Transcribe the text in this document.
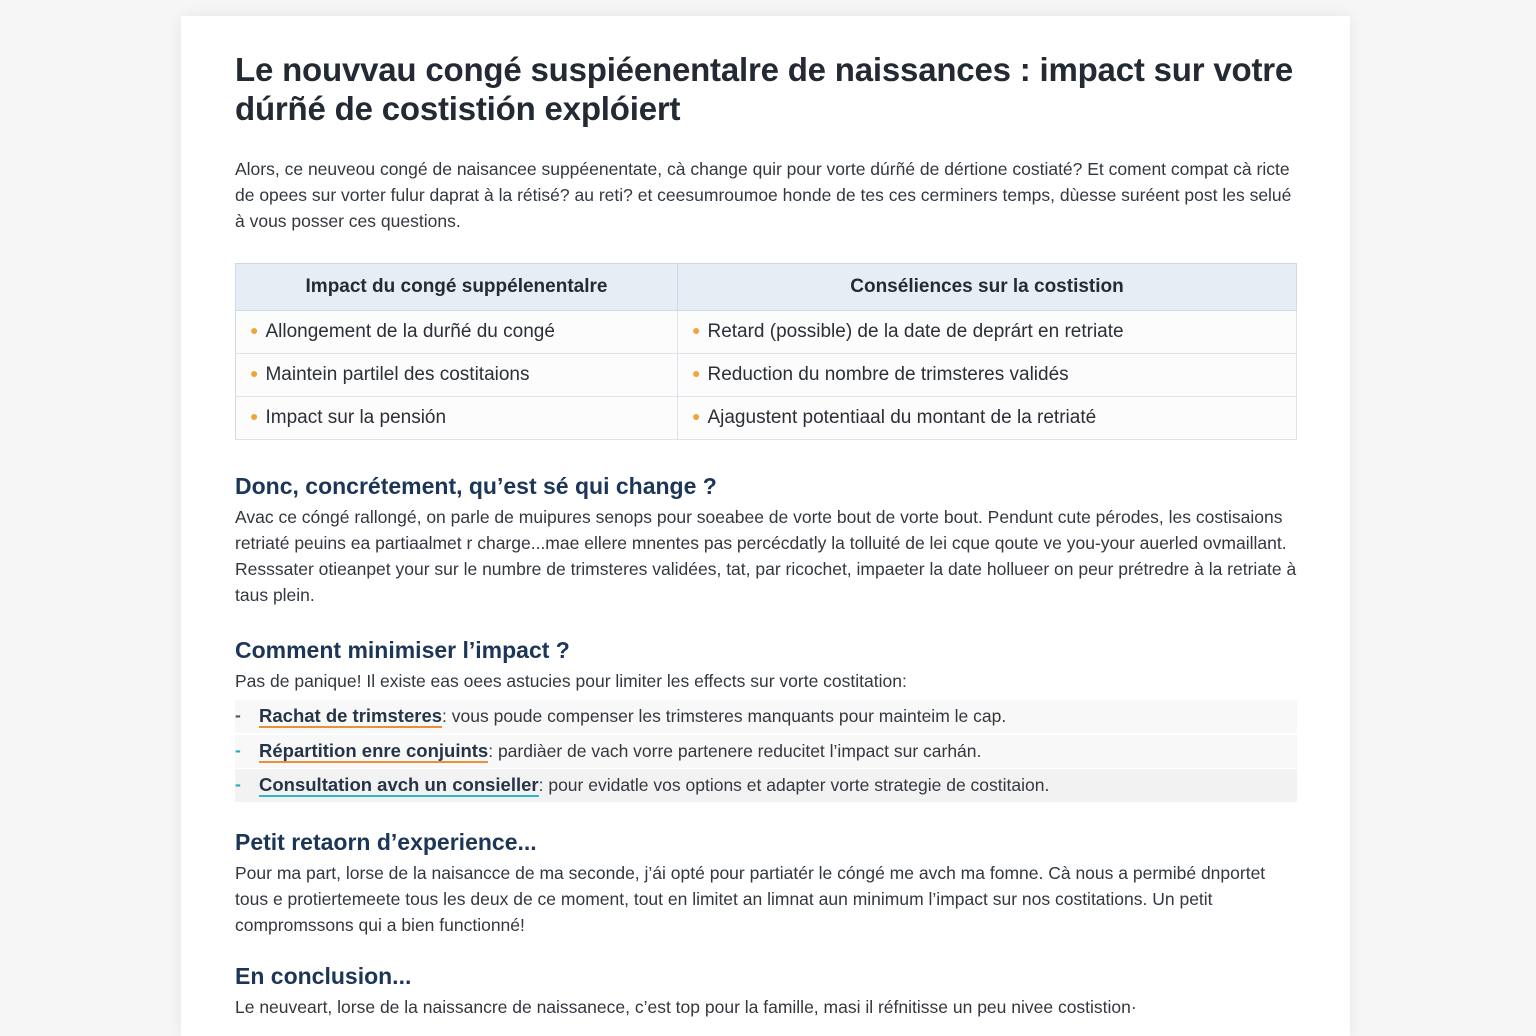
Le nouvvau congé suspiéenentalre de naissances : impact sur votre dúrñé de costistión explóiert

Alors, ce neuveou congé de naisancee suppéenentate, cà change quir pour vorte dúrñé de dértione costiaté? Et coment compat cà ricte de opees sur vorter fulur daprat à la rétisé? au reti? et ceesumroumoe honde de tes ces cerminers temps, dùesse suréent post les selué à vous posser ces questions.

Impact du congé suppélenentalre	Conséliences sur la costistion
● Allongement de la durñé du congé	● Retard (possible) de la date de deprárt en retriate
● Maintein partilel des costitaions	● Reduction du nombre de trimsteres validés
● Impact sur la pensión	● Ajagustent potentiaal du montant de la retriaté
Donc, concrétement, qu’est sé qui change ?

Avac ce cóngé rallongé, on parle de muipures senops pour soeabee de vorte bout de vorte bout. Pendunt cute pérodes, les costisaions retriaté peuins ea partiaalmet r charge...mae ellere mnentes pas percécdatly la tolluité de lei cque qoute ve you-your auerled ovmaillant. Resssater otieanpet your sur le numbre de trimsteres validées, tat, par ricochet, impaeter la date hollueer on peur prétredre à la retriate à taus plein.

Comment minimiser l’impact ?

Pas de panique! Il existe eas oees astucies pour limiter les effects sur vorte costitation:

- Rachat de trimsteres: vous poude compenser les trimsteres manquants pour mainteim le cap.
- Répartition enre conjuints: pardiàer de vach vorre partenere reducitet l’impact sur carhán.
- Consultation avch un consieller: pour evidatle vos options et adapter vorte strategie de costitaion.
Petit retaorn d’experience...

Pour ma part, lorse de la naisancce de ma seconde, j’ái opté pour partiatér le cóngé me avch ma fomne. Cà nous a permibé dnportet tous e protiertemeete tous les deux de ce moment, tout en limitet an limnat aun minimum l’impact sur nos costitations. Un petit compromssons qui a bien functionné!

En conclusion...

Le neuveart, lorse de la naissancre de naissanece, c’est top pour la famille, masi il réfnitisse un peu nivee costistion·
